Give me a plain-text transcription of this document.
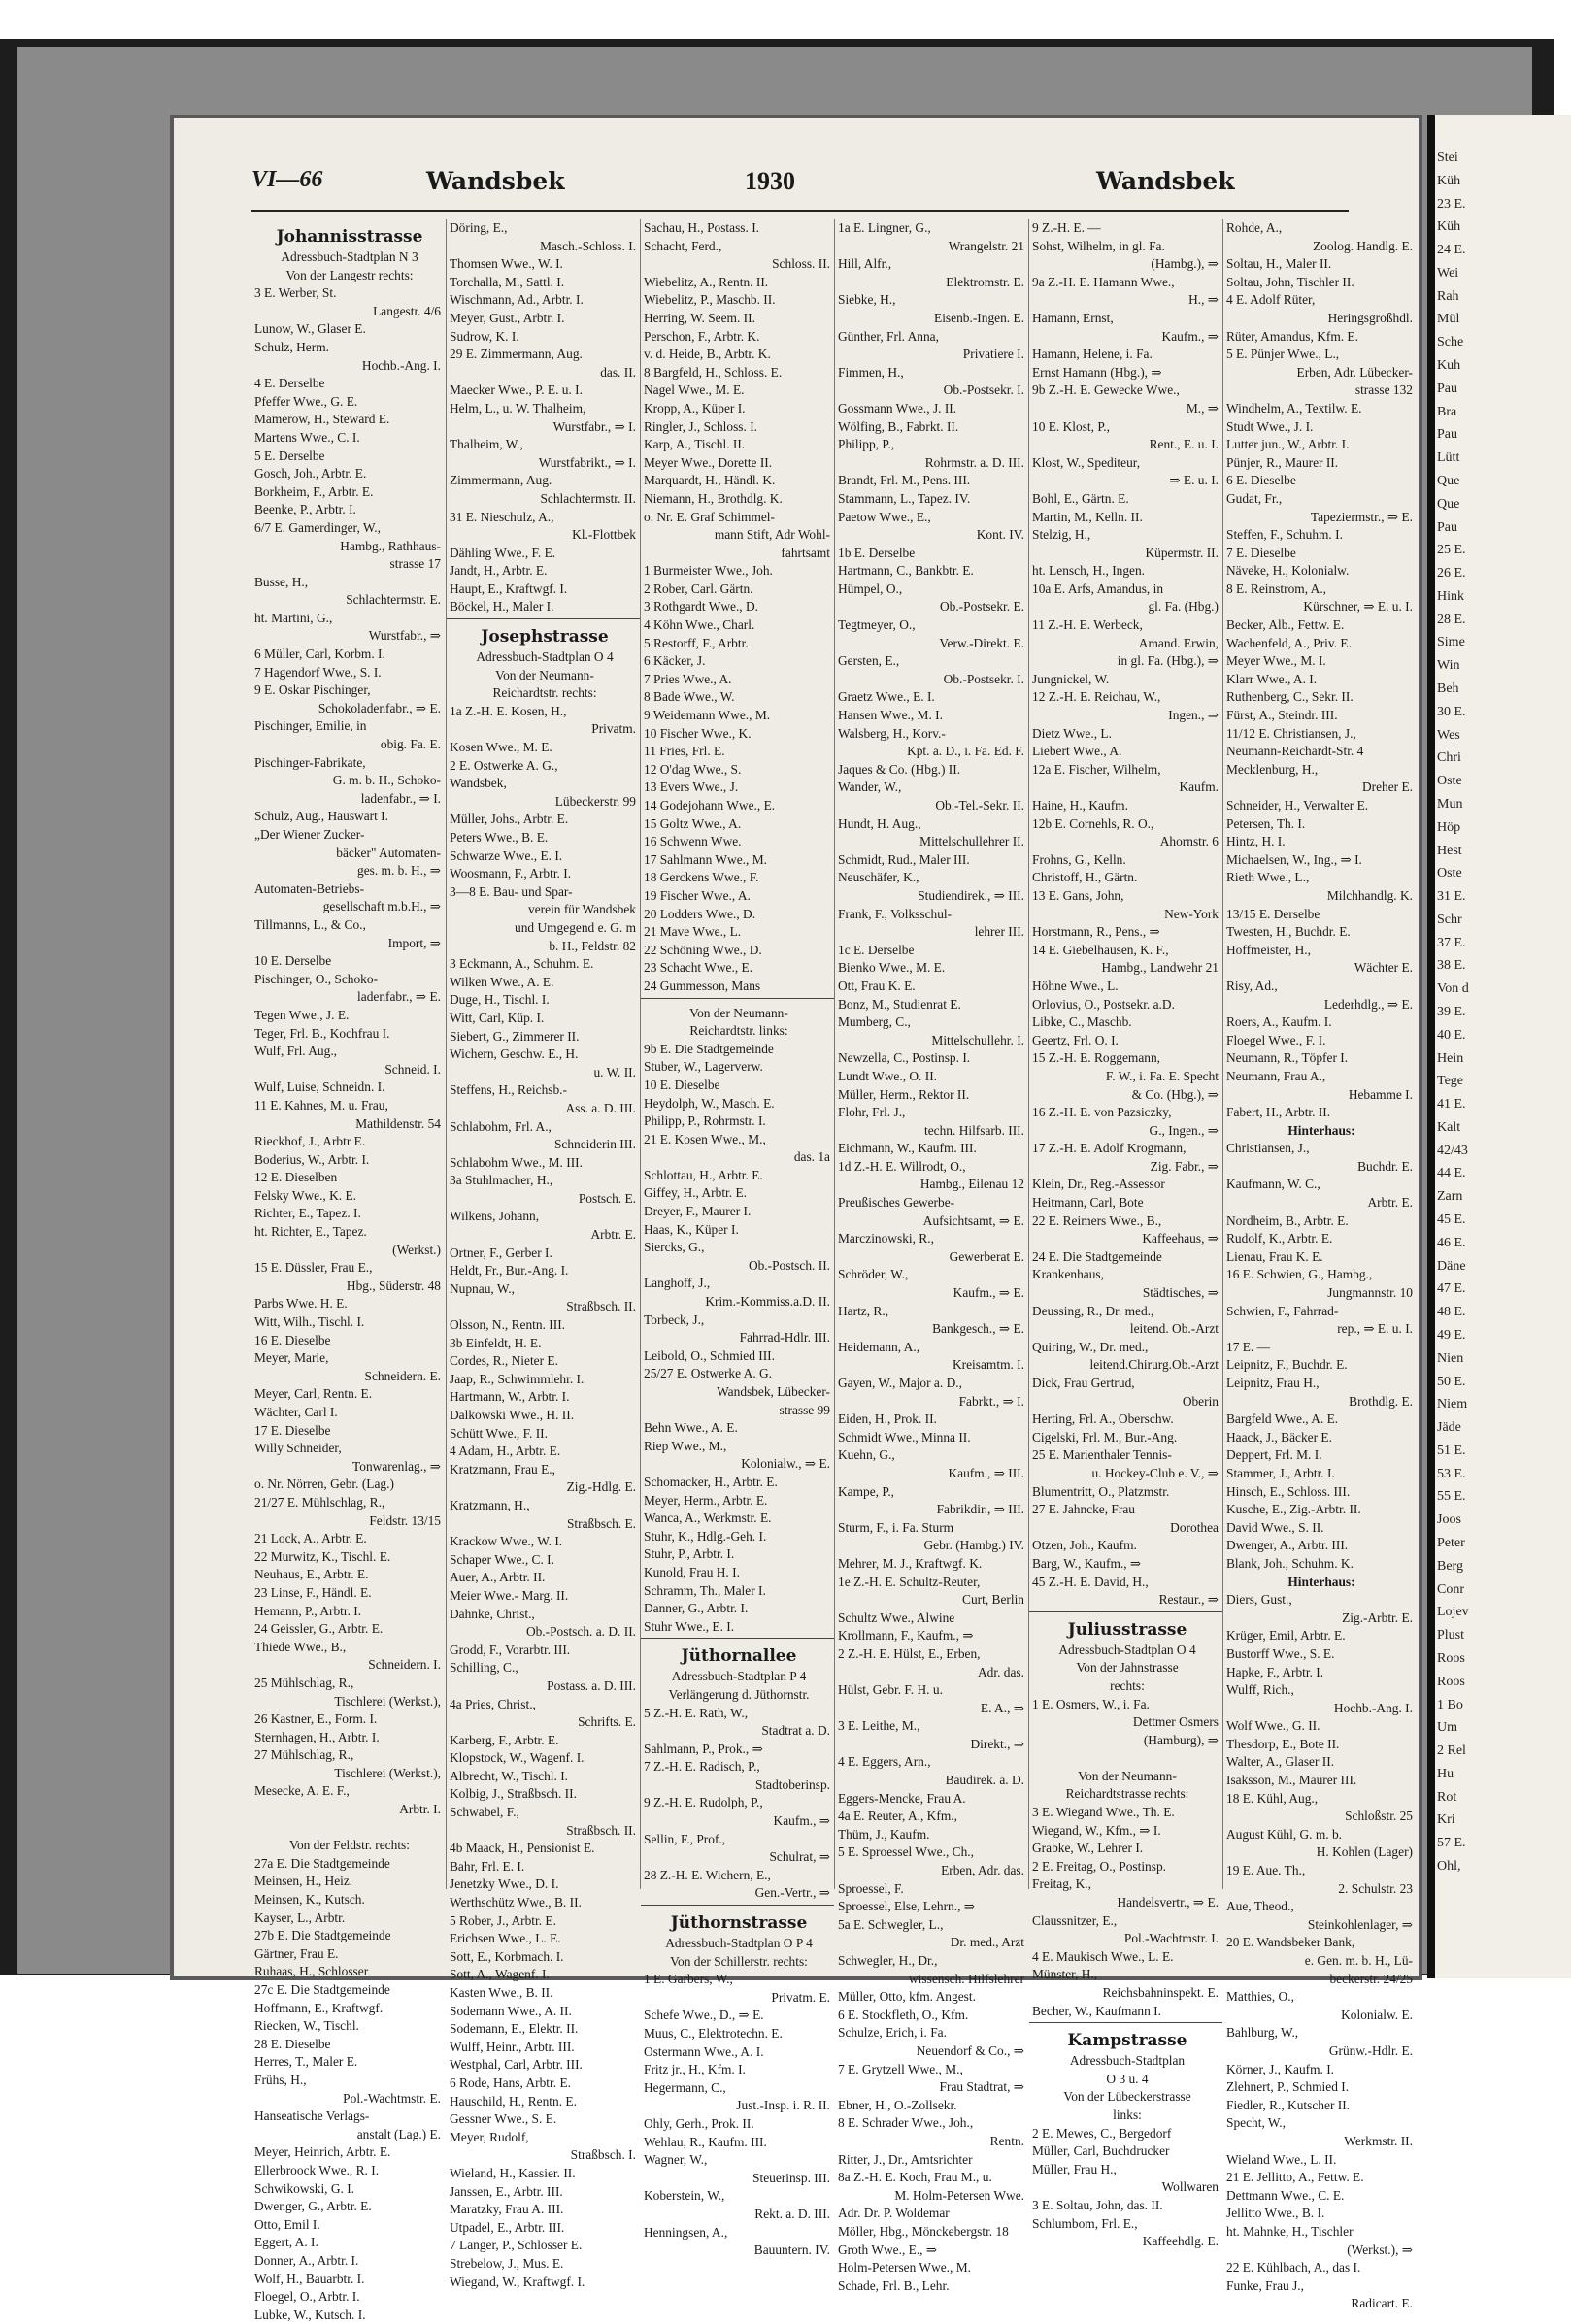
VI—66	Wandsbek	1930	Wandsbek
Johannisstrasse
Adressbuch-Stadtplan N 3
Von der Langestr rechts:
3 E. Werber, St.
Langestr. 4/6
Lunow, W., Glaser E.
Schulz, Herm.
Hochb.-Ang. I.
4 E. Derselbe
Pfeffer Wwe., G. E.
Mamerow, H., Steward E.
Martens Wwe., C. I.
5 E. Derselbe
Gosch, Joh., Arbtr. E.
Borkheim, F., Arbtr. E.
Beenke, P., Arbtr. I.
6/7 E. Gamerdinger, W.,
Hambg., Rathhaus-
strasse 17
Busse, H.,
Schlachtermstr. E.
ht. Martini, G.,
Wurstfabr., ⇒
6 Müller, Carl, Korbm. I.
7 Hagendorf Wwe., S. I.
9 E. Oskar Pischinger,
Schokoladenfabr., ⇒ E.
Pischinger, Emilie, in
obig. Fa. E.
Pischinger-Fabrikate,
G. m. b. H., Schoko-
ladenfabr., ⇒ I.
Schulz, Aug., Hauswart I.
„Der Wiener Zucker-
bäcker" Automaten-
ges. m. b. H., ⇒
Automaten-Betriebs-
gesellschaft m.b.H., ⇒
Tillmanns, L., & Co.,
Import, ⇒
10 E. Derselbe
Pischinger, O., Schoko-
ladenfabr., ⇒ E.
Tegen Wwe., J. E.
Teger, Frl. B., Kochfrau I.
Wulf, Frl. Aug.,
Schneid. I.
Wulf, Luise, Schneidn. I.
11 E. Kahnes, M. u. Frau,
Mathildenstr. 54
Rieckhof, J., Arbtr E.
Boderius, W., Arbtr. I.
12 E. Dieselben
Felsky Wwe., K. E.
Richter, E., Tapez. I.
ht. Richter, E., Tapez.
(Werkst.)
15 E. Düssler, Frau E.,
Hbg., Süderstr. 48
Parbs Wwe. H. E.
Witt, Wilh., Tischl. I.
16 E. Dieselbe
Meyer, Marie,
Schneidern. E.
Meyer, Carl, Rentn. E.
Wächter, Carl I.
17 E. Dieselbe
Willy Schneider,
Tonwarenlag., ⇒
o. Nr. Nörren, Gebr. (Lag.)
21/27 E. Mühlschlag, R.,
Feldstr. 13/15
21 Lock, A., Arbtr. E.
22 Murwitz, K., Tischl. E.
Neuhaus, E., Arbtr. E.
23 Linse, F., Händl. E.
Hemann, P., Arbtr. I.
24 Geissler, G., Arbtr. E.
Thiede Wwe., B.,
Schneidern. I.
25 Mühlschlag, R.,
Tischlerei (Werkst.),
26 Kastner, E., Form. I.
Sternhagen, H., Arbtr. I.
27 Mühlschlag, R.,
Tischlerei (Werkst.),
Mesecke, A. E. F.,
Arbtr. I.

Von der Feldstr. rechts:
27a E. Die Stadtgemeinde
Meinsen, H., Heiz.
Meinsen, K., Kutsch.
Kayser, L., Arbtr.
27b E. Die Stadtgemeinde
Gärtner, Frau E.
Ruhaas, H., Schlosser
27c E. Die Stadtgemeinde
Hoffmann, E., Kraftwgf.
Riecken, W., Tischl.
28 E. Dieselbe
Herres, T., Maler E.
Frühs, H.,
Pol.-Wachtmstr. E.
Hanseatische Verlags-
anstalt (Lag.) E.
Meyer, Heinrich, Arbtr. E.
Ellerbroock Wwe., R. I.
Schwikowski, G. I.
Dwenger, G., Arbtr. E.
Otto, Emil I.
Eggert, A. I.
Donner, A., Arbtr. I.
Wolf, H., Bauarbtr. I.
Floegel, O., Arbtr. I.
Lubke, W., Kutsch. I.
Döring, E.,
Masch.-Schloss. I.
Thomsen Wwe., W. I.
Torchalla, M., Sattl. I.
Wischmann, Ad., Arbtr. I.
Meyer, Gust., Arbtr. I.
Sudrow, K. I.
29 E. Zimmermann, Aug.
das. II.
Maecker Wwe., P. E. u. I.
Helm, L., u. W. Thalheim,
Wurstfabr., ⇒ I.
Thalheim, W.,
Wurstfabrikt., ⇒ I.
Zimmermann, Aug.
Schlachtermstr. II.
31 E. Nieschulz, A.,
Kl.-Flottbek
Dähling Wwe., F. E.
Jandt, H., Arbtr. E.
Haupt, E., Kraftwgf. I.
Böckel, H., Maler I.
Josephstrasse
Adressbuch-Stadtplan O 4
Von der Neumann-
Reichardtstr. rechts:
1a Z.-H. E. Kosen, H.,
Privatm.
Kosen Wwe., M. E.
2 E. Ostwerke A. G.,
Wandsbek,
Lübeckerstr. 99
Müller, Johs., Arbtr. E.
Peters Wwe., B. E.
Schwarze Wwe., E. I.
Woosmann, F., Arbtr. I.
3—8 E. Bau- und Spar-
verein für Wandsbek
und Umgegend e. G. m
b. H., Feldstr. 82
3 Eckmann, A., Schuhm. E.
Wilken Wwe., A. E.
Duge, H., Tischl. I.
Witt, Carl, Küp. I.
Siebert, G., Zimmerer II.
Wichern, Geschw. E., H.
u. W. II.
Steffens, H., Reichsb.-
Ass. a. D. III.
Schlabohm, Frl. A.,
Schneiderin III.
Schlabohm Wwe., M. III.
3a Stuhlmacher, H.,
Postsch. E.
Wilkens, Johann,
Arbtr. E.
Ortner, F., Gerber I.
Heldt, Fr., Bur.-Ang. I.
Nupnau, W.,
Straßbsch. II.
Olsson, N., Rentn. III.
3b Einfeldt, H. E.
Cordes, R., Nieter E.
Jaap, R., Schwimmlehr. I.
Hartmann, W., Arbtr. I.
Dalkowski Wwe., H. II.
Schütt Wwe., F. II.
4 Adam, H., Arbtr. E.
Kratzmann, Frau E.,
Zig.-Hdlg. E.
Kratzmann, H.,
Straßbsch. E.
Krackow Wwe., W. I.
Schaper Wwe., C. I.
Auer, A., Arbtr. II.
Meier Wwe.- Marg. II.
Dahnke, Christ.,
Ob.-Postsch. a. D. II.
Grodd, F., Vorarbtr. III.
Schilling, C.,
Postass. a. D. III.
4a Pries, Christ.,
Schrifts. E.
Karberg, F., Arbtr. E.
Klopstock, W., Wagenf. I.
Albrecht, W., Tischl. I.
Kolbig, J., Straßbsch. II.
Schwabel, F.,
Straßbsch. II.
4b Maack, H., Pensionist E.
Bahr, Frl. E. I.
Jenetzky Wwe., D. I.
Werthschütz Wwe., B. II.
5 Rober, J., Arbtr. E.
Erichsen Wwe., L. E.
Sott, E., Korbmach. I.
Sott, A., Wagenf. I.
Kasten Wwe., B. II.
Sodemann Wwe., A. II.
Sodemann, E., Elektr. II.
Wulff, Heinr., Arbtr. III.
Westphal, Carl, Arbtr. III.
6 Rode, Hans, Arbtr. E.
Hauschild, H., Rentn. E.
Gessner Wwe., S. E.
Meyer, Rudolf,
Straßbsch. I.
Wieland, H., Kassier. II.
Janssen, E., Arbtr. III.
Maratzky, Frau A. III.
Utpadel, E., Arbtr. III.
7 Langer, P., Schlosser E.
Strebelow, J., Mus. E.
Wiegand, W., Kraftwgf. I.
Sachau, H., Postass. I.
Schacht, Ferd.,
Schloss. II.
Wiebelitz, A., Rentn. II.
Wiebelitz, P., Maschb. II.
Herring, W. Seem. II.
Perschon, F., Arbtr. K.
v. d. Heide, B., Arbtr. K.
8 Bargfeld, H., Schloss. E.
Nagel Wwe., M. E.
Kropp, A., Küper I.
Ringler, J., Schloss. I.
Karp, A., Tischl. II.
Meyer Wwe., Dorette II.
Marquardt, H., Händl. K.
Niemann, H., Brothdlg. K.
o. Nr. E. Graf Schimmel-
mann Stift, Adr Wohl-
fahrtsamt
1 Burmeister Wwe., Joh.
2 Rober, Carl. Gärtn.
3 Rothgardt Wwe., D.
4 Köhn Wwe., Charl.
5 Restorff, F., Arbtr.
6 Käcker, J.
7 Pries Wwe., A.
8 Bade Wwe., W.
9 Weidemann Wwe., M.
10 Fischer Wwe., K.
11 Fries, Frl. E.
12 O'dag Wwe., S.
13 Evers Wwe., J.
14 Godejohann Wwe., E.
15 Goltz Wwe., A.
16 Schwenn Wwe.
17 Sahlmann Wwe., M.
18 Gerckens Wwe., F.
19 Fischer Wwe., A.
20 Lodders Wwe., D.
21 Mave Wwe., L.
22 Schöning Wwe., D.
23 Schacht Wwe., E.
24 Gummesson, Mans
Von der Neumann-
Reichardtstr. links:
9b E. Die Stadtgemeinde
Stuber, W., Lagerverw.
10 E. Dieselbe
Heydolph, W., Masch. E.
Philipp, P., Rohrmstr. I.
21 E. Kosen Wwe., M.,
das. 1a
Schlottau, H., Arbtr. E.
Giffey, H., Arbtr. E.
Dreyer, F., Maurer I.
Haas, K., Küper I.
Siercks, G.,
Ob.-Postsch. II.
Langhoff, J.,
Krim.-Kommiss.a.D. II.
Torbeck, J.,
Fahrrad-Hdlr. III.
Leibold, O., Schmied III.
25/27 E. Ostwerke A. G.
Wandsbek, Lübecker-
strasse 99
Behn Wwe., A. E.
Riep Wwe., M.,
Kolonialw., ⇒ E.
Schomacker, H., Arbtr. E.
Meyer, Herm., Arbtr. E.
Wanca, A., Werkmstr. E.
Stuhr, K., Hdlg.-Geh. I.
Stuhr, P., Arbtr. I.
Kunold, Frau H. I.
Schramm, Th., Maler I.
Danner, G., Arbtr. I.
Stuhr Wwe., E. I.
Jüthornallee
Adressbuch-Stadtplan P 4
Verlängerung d. Jüthornstr.
5 Z.-H. E. Rath, W.,
Stadtrat a. D.
Sahlmann, P., Prok., ⇒
7 Z.-H. E. Radisch, P.,
Stadtoberinsp.
9 Z.-H. E. Rudolph, P.,
Kaufm., ⇒
Sellin, F., Prof.,
Schulrat, ⇒
28 Z.-H. E. Wichern, E.,
Gen.-Vertr., ⇒
Jüthornstrasse
Adressbuch-Stadtplan O P 4
Von der Schillerstr. rechts:
1 E. Garbers, W.,
Privatm. E.
Schefe Wwe., D., ⇒ E.
Muus, C., Elektrotechn. E.
Ostermann Wwe., A. I.
Fritz jr., H., Kfm. I.
Hegermann, C.,
Just.-Insp. i. R. II.
Ohly, Gerh., Prok. II.
Wehlau, R., Kaufm. III.
Wagner, W.,
Steuerinsp. III.
Koberstein, W.,
Rekt. a. D. III.
Henningsen, A.,
Bauuntern. IV.
1a E. Lingner, G.,
Wrangelstr. 21
Hill, Alfr.,
Elektromstr. E.
Siebke, H.,
Eisenb.-Ingen. E.
Günther, Frl. Anna,
Privatiere I.
Fimmen, H.,
Ob.-Postsekr. I.
Gossmann Wwe., J. II.
Wölfing, B., Fabrkt. II.
Philipp, P.,
Rohrmstr. a. D. III.
Brandt, Frl. M., Pens. III.
Stammann, L., Tapez. IV.
Paetow Wwe., E.,
Kont. IV.
1b E. Derselbe
Hartmann, C., Bankbtr. E.
Hümpel, O.,
Ob.-Postsekr. E.
Tegtmeyer, O.,
Verw.-Direkt. E.
Gersten, E.,
Ob.-Postsekr. I.
Graetz Wwe., E. I.
Hansen Wwe., M. I.
Walsberg, H., Korv.-
Kpt. a. D., i. Fa. Ed. F.
Jaques & Co. (Hbg.) II.
Wander, W.,
Ob.-Tel.-Sekr. II.
Hundt, H. Aug.,
Mittelschullehrer II.
Schmidt, Rud., Maler III.
Neuschäfer, K.,
Studiendirek., ⇒ III.
Frank, F., Volksschul-
lehrer III.
1c E. Derselbe
Bienko Wwe., M. E.
Ott, Frau K. E.
Bonz, M., Studienrat E.
Mumberg, C.,
Mittelschullehr. I.
Newzella, C., Postinsp. I.
Lundt Wwe., O. II.
Müller, Herm., Rektor II.
Flohr, Frl. J.,
techn. Hilfsarb. III.
Eichmann, W., Kaufm. III.
1d Z.-H. E. Willrodt, O.,
Hambg., Eilenau 12
Preußisches Gewerbe-
Aufsichtsamt, ⇒ E.
Marczinowski, R.,
Gewerberat E.
Schröder, W.,
Kaufm., ⇒ E.
Hartz, R.,
Bankgesch., ⇒ E.
Heidemann, A.,
Kreisamtm. I.
Gayen, W., Major a. D.,
Fabrkt., ⇒ I.
Eiden, H., Prok. II.
Schmidt Wwe., Minna II.
Kuehn, G.,
Kaufm., ⇒ III.
Kampe, P.,
Fabrikdir., ⇒ III.
Sturm, F., i. Fa. Sturm
Gebr. (Hambg.) IV.
Mehrer, M. J., Kraftwgf. K.
1e Z.-H. E. Schultz-Reuter,
Curt, Berlin
Schultz Wwe., Alwine
Krollmann, F., Kaufm., ⇒
2 Z.-H. E. Hülst, E., Erben,
Adr. das.
Hülst, Gebr. F. H. u.
E. A., ⇒
3 E. Leithe, M.,
Direkt., ⇒
4 E. Eggers, Arn.,
Baudirek. a. D.
Eggers-Mencke, Frau A.
4a E. Reuter, A., Kfm.,
Thüm, J., Kaufm.
5 E. Sproessel Wwe., Ch.,
Erben, Adr. das.
Sproessel, F.
Sproessel, Else, Lehrn., ⇒
5a E. Schwegler, L.,
Dr. med., Arzt
Schwegler, H., Dr.,
wissensch. Hilfslehrer
Müller, Otto, kfm. Angest.
6 E. Stockfleth, O., Kfm.
Schulze, Erich, i. Fa.
Neuendorf & Co., ⇒
7 E. Grytzell Wwe., M.,
Frau Stadtrat, ⇒
Ebner, H., O.-Zollsekr.
8 E. Schrader Wwe., Joh.,
Rentn.
Ritter, J., Dr., Amtsrichter
8a Z.-H. E. Koch, Frau M., u.
M. Holm-Petersen Wwe.
Adr. Dr. P. Woldemar
Möller, Hbg., Mönckebergstr. 18
Groth Wwe., E., ⇒
Holm-Petersen Wwe., M.
Schade, Frl. B., Lehr.
9 Z.-H. E. —
Sohst, Wilhelm, in gl. Fa.
(Hambg.), ⇒
9a Z.-H. E. Hamann Wwe.,
H., ⇒
Hamann, Ernst,
Kaufm., ⇒
Hamann, Helene, i. Fa.
Ernst Hamann (Hbg.), ⇒
9b Z.-H. E. Gewecke Wwe.,
M., ⇒
10 E. Klost, P.,
Rent., E. u. I.
Klost, W., Spediteur,
⇒ E. u. I.
Bohl, E., Gärtn. E.
Martin, M., Kelln. II.
Stelzig, H.,
Küpermstr. II.
ht. Lensch, H., Ingen.
10a E. Arfs, Amandus, in
gl. Fa. (Hbg.)
11 Z.-H. E. Werbeck,
Amand. Erwin,
in gl. Fa. (Hbg.), ⇒
Jungnickel, W.
12 Z.-H. E. Reichau, W.,
Ingen., ⇒
Dietz Wwe., L.
Liebert Wwe., A.
12a E. Fischer, Wilhelm,
Kaufm.
Haine, H., Kaufm.
12b E. Cornehls, R. O.,
Ahornstr. 6
Frohns, G., Kelln.
Christoff, H., Gärtn.
13 E. Gans, John,
New-York
Horstmann, R., Pens., ⇒
14 E. Giebelhausen, K. F.,
Hambg., Landwehr 21
Höhne Wwe., L.
Orlovius, O., Postsekr. a.D.
Libke, C., Maschb.
Geertz, Frl. O. I.
15 Z.-H. E. Roggemann,
F. W., i. Fa. E. Specht
& Co. (Hbg.), ⇒
16 Z.-H. E. von Pazsiczky,
G., Ingen., ⇒
17 Z.-H. E. Adolf Krogmann,
Zig. Fabr., ⇒
Klein, Dr., Reg.-Assessor
Heitmann, Carl, Bote
22 E. Reimers Wwe., B.,
Kaffeehaus, ⇒
24 E. Die Stadtgemeinde
Krankenhaus,
Städtisches, ⇒
Deussing, R., Dr. med.,
leitend. Ob.-Arzt
Quiring, W., Dr. med.,
leitend.Chirurg.Ob.-Arzt
Dick, Frau Gertrud,
Oberin
Herting, Frl. A., Oberschw.
Cigelski, Frl. M., Bur.-Ang.
25 E. Marienthaler Tennis-
u. Hockey-Club e. V., ⇒
Blumentritt, O., Platzmstr.
27 E. Jahncke, Frau
Dorothea
Otzen, Joh., Kaufm.
Barg, W., Kaufm., ⇒
45 Z.-H. E. David, H.,
Restaur., ⇒
Juliusstrasse
Adressbuch-Stadtplan O 4
Von der Jahnstrasse
rechts:
1 E. Osmers, W., i. Fa.
Dettmer Osmers
(Hamburg), ⇒

Von der Neumann-
Reichardtstrasse rechts:
3 E. Wiegand Wwe., Th. E.
Wiegand, W., Kfm., ⇒ I.
Grabke, W., Lehrer I.
2 E. Freitag, O., Postinsp.
Freitag, K.,
Handelsvertr., ⇒ E.
Claussnitzer, E.,
Pol.-Wachtmstr. I.
4 E. Maukisch Wwe., L. E.
Münster, H.,
Reichsbahninspekt. E.
Becher, W., Kaufmann I.
Kampstrasse
Adressbuch-Stadtplan
O 3 u. 4
Von der Lübeckerstrasse
links:
2 E. Mewes, C., Bergedorf
Müller, Carl, Buchdrucker
Müller, Frau H.,
Wollwaren
3 E. Soltau, John, das. II.
Schlumbom, Frl. E.,
Kaffeehdlg. E.
Rohde, A.,
Zoolog. Handlg. E.
Soltau, H., Maler II.
Soltau, John, Tischler II.
4 E. Adolf Rüter,
Heringsgroßhdl.
Rüter, Amandus, Kfm. E.
5 E. Pünjer Wwe., L.,
Erben, Adr. Lübecker-
strasse 132
Windhelm, A., Textilw. E.
Studt Wwe., J. I.
Lutter jun., W., Arbtr. I.
Pünjer, R., Maurer II.
6 E. Dieselbe
Gudat, Fr.,
Tapeziermstr., ⇒ E.
Steffen, F., Schuhm. I.
7 E. Dieselbe
Näveke, H., Kolonialw.
8 E. Reinstrom, A.,
Kürschner, ⇒ E. u. I.
Becker, Alb., Fettw. E.
Wachenfeld, A., Priv. E.
Meyer Wwe., M. I.
Klarr Wwe., A. I.
Ruthenberg, C., Sekr. II.
Fürst, A., Steindr. III.
11/12 E. Christiansen, J.,
Neumann-Reichardt-Str. 4
Mecklenburg, H.,
Dreher E.
Schneider, H., Verwalter E.
Petersen, Th. I.
Hintz, H. I.
Michaelsen, W., Ing., ⇒ I.
Rieth Wwe., L.,
Milchhandlg. K.
13/15 E. Derselbe
Twesten, H., Buchdr. E.
Hoffmeister, H.,
Wächter E.
Risy, Ad.,
Lederhdlg., ⇒ E.
Roers, A., Kaufm. I.
Floegel Wwe., F. I.
Neumann, R., Töpfer I.
Neumann, Frau A.,
Hebamme I.
Fabert, H., Arbtr. II.
Hinterhaus:
Christiansen, J.,
Buchdr. E.
Kaufmann, W. C.,
Arbtr. E.
Nordheim, B., Arbtr. E.
Rudolf, K., Arbtr. E.
Lienau, Frau K. E.
16 E. Schwien, G., Hambg.,
Jungmannstr. 10
Schwien, F., Fahrrad-
rep., ⇒ E. u. I.
17 E. —
Leipnitz, F., Buchdr. E.
Leipnitz, Frau H.,
Brothdlg. E.
Bargfeld Wwe., A. E.
Haack, J., Bäcker E.
Deppert, Frl. M. I.
Stammer, J., Arbtr. I.
Hinsch, E., Schloss. III.
Kusche, E., Zig.-Arbtr. II.
David Wwe., S. II.
Dwenger, A., Arbtr. III.
Blank, Joh., Schuhm. K.
Hinterhaus:
Diers, Gust.,
Zig.-Arbtr. E.
Krüger, Emil, Arbtr. E.
Bustorff Wwe., S. E.
Hapke, F., Arbtr. I.
Wulff, Rich.,
Hochb.-Ang. I.
Wolf Wwe., G. II.
Thesdorp, E., Bote II.
Walter, A., Glaser II.
Isaksson, M., Maurer III.
18 E. Kühl, Aug.,
Schloßstr. 25
August Kühl, G. m. b.
H. Kohlen (Lager)
19 E. Aue. Th.,
2. Schulstr. 23
Aue, Theod.,
Steinkohlenlager, ⇒
20 E. Wandsbeker Bank,
e. Gen. m. b. H., Lü-
beckerstr. 24/25
Matthies, O.,
Kolonialw. E.
Bahlburg, W.,
Grünw.-Hdlr. E.
Körner, J., Kaufm. I.
Zlehnert, P., Schmied I.
Fiedler, R., Kutscher II.
Specht, W.,
Werkmstr. II.
Wieland Wwe., L. II.
21 E. Jellitto, A., Fettw. E.
Dettmann Wwe., C. E.
Jellitto Wwe., B. I.
ht. Mahnke, H., Tischler
(Werkst.), ⇒
22 E. Kühlbach, A., das I.
Funke, Frau J.,
Radicart. E.
Stei
Küh
23 E.
Küh
24 E.
Wei
Rah
Mül
Sche
Kuh
Pau
Bra
Pau
Lütt
Que
Que
Pau
25 E.
26 E.
Hink
28 E.
Sime
Win
Beh
30 E.
Wes
Chri
Oste
Mun
Höp
Hest
Oste
31 E.
Schr
37 E.
38 E.
Von d
39 E.
40 E.
Hein
Tege
41 E.
Kalt
42/43
44 E.
Zarn
45 E.
46 E.
Däne
47 E.
48 E.
49 E.
Nien
50 E.
Niem
Jäde
51 E.
53 E.
55 E.
Joos
Peter
Berg
Conr
Lojev
Plust
Roos
Roos
1 Bo
Um
2 Rel
Hu
Rot
Kri
57 E.
Ohl,
